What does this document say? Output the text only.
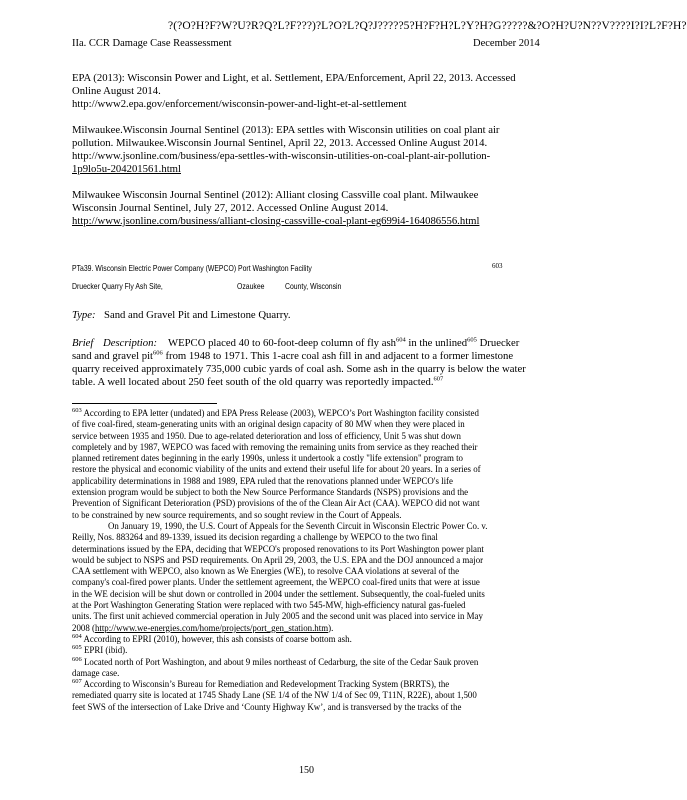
?(?O?H?F?W?U?R?Q?L?F???)?L?O?L?Q?J?????5?H?F?H?L?Y?H?G?????&?O?H?U?N??V????I?I?L?F?H?
IIa. CCR Damage Case Reassessment	December 2014
EPA (2013): Wisconsin Power and Light, et al. Settlement, EPA/Enforcement, April 22, 2013. Accessed
Online August 2014.
http://www2.epa.gov/enforcement/wisconsin-power-and-light-et-al-settlement
Milwaukee.Wisconsin Journal Sentinel (2013): EPA settles with Wisconsin utilities on coal plant air
pollution. Milwaukee.Wisconsin Journal Sentinel, April 22, 2013. Accessed Online August 2014.
http://www.jsonline.com/business/epa-settles-with-wisconsin-utilities-on-coal-plant-air-pollution-
1p9lo5u-204201561.html
Milwaukee Wisconsin Journal Sentinel (2012): Alliant closing Cassville coal plant. Milwaukee
Wisconsin Journal Sentinel, July 27, 2012. Accessed Online August 2014.
http://www.jsonline.com/business/alliant-closing-cassville-coal-plant-eg699i4-164086556.html
PTa39. Wisconsin Electric Power Company (WEPCO) Port Washington Facility	603
Druecker Quarry Fly Ash Site,	Ozaukee County, Wisconsin
Type: Sand and Gravel Pit and Limestone Quarry.
Brief Description: WEPCO placed 40 to 60-foot-deep column of fly ash$^{604}$ in the unlined$^{605}$ Druecker
sand and gravel pit$^{606}$ from 1948 to 1971. This 1-acre coal ash fill in and adjacent to a former limestone
quarry received approximately 735,000 cubic yards of coal ash. Some ash in the quarry is below the water
table. A well located about 250 feet south of the old quarry was reportedly impacted.$^{607}$
$^{603}$ According to EPA letter (undated) and EPA Press Release (2003), WEPCO’s Port Washington facility consisted
of five coal-fired, steam-generating units with an original design capacity of 80 MW when they were placed in
service between 1935 and 1950. Due to age-related deterioration and loss of efficiency, Unit 5 was shut down
completely and by 1987, WEPCO was faced with removing the remaining units from service as they reached their
planned retirement dates beginning in the early 1990s, unless it undertook a costly "life extension" program to
restore the physical and economic viability of the units and extend their useful life for about 20 years. In a series of
applicability determinations in 1988 and 1989, EPA ruled that the renovations planned under WEPCO's life
extension program would be subject to both the New Source Performance Standards (NSPS) provisions and the
Prevention of Significant Deterioration (PSD) provisions of the of the Clean Air Act (CAA). WEPCO did not want
to be constrained by new source requirements, and so sought review in the Court of Appeals.
On January 19, 1990, the U.S. Court of Appeals for the Seventh Circuit in Wisconsin Electric Power Co. v.
Reilly, Nos. 883264 and 89-1339, issued its decision regarding a challenge by WEPCO to the two final
determinations issued by the EPA, deciding that WEPCO's proposed renovations to its Port Washington power plant
would be subject to NSPS and PSD requirements. On April 29, 2003, the U.S. EPA and the DOJ announced a major
CAA settlement with WEPCO, also known as We Energies (WE), to resolve CAA violations at several of the
company's coal-fired power plants. Under the settlement agreement, the WEPCO coal-fired units that were at issue
in the WE decision will be shut down or controlled in 2004 under the settlement. Subsequently, the coal-fueled units
at the Port Washington Generating Station were replaced with two 545-MW, high-efficiency natural gas-fueled
units. The first unit achieved commercial operation in July 2005 and the second unit was placed into service in May
2008 (http://www.we-energies.com/home/projects/port_gen_station.htm).
$^{604}$ According to EPRI (2010), however, this ash consists of coarse bottom ash.
$^{605}$ EPRI (ibid).
$^{606}$ Located north of Port Washington, and about 9 miles northeast of Cedarburg, the site of the Cedar Sauk proven
damage case.
$^{607}$ According to Wisconsin’s Bureau for Remediation and Redevelopment Tracking System (BRRTS), the
remediated quarry site is located at 1745 Shady Lane (SE 1/4 of the NW 1/4 of Sec 09, T11N, R22E), about 1,500
feet SWS of the intersection of Lake Drive and ‘County Highway Kw’, and is transversed by the tracks of the
150
